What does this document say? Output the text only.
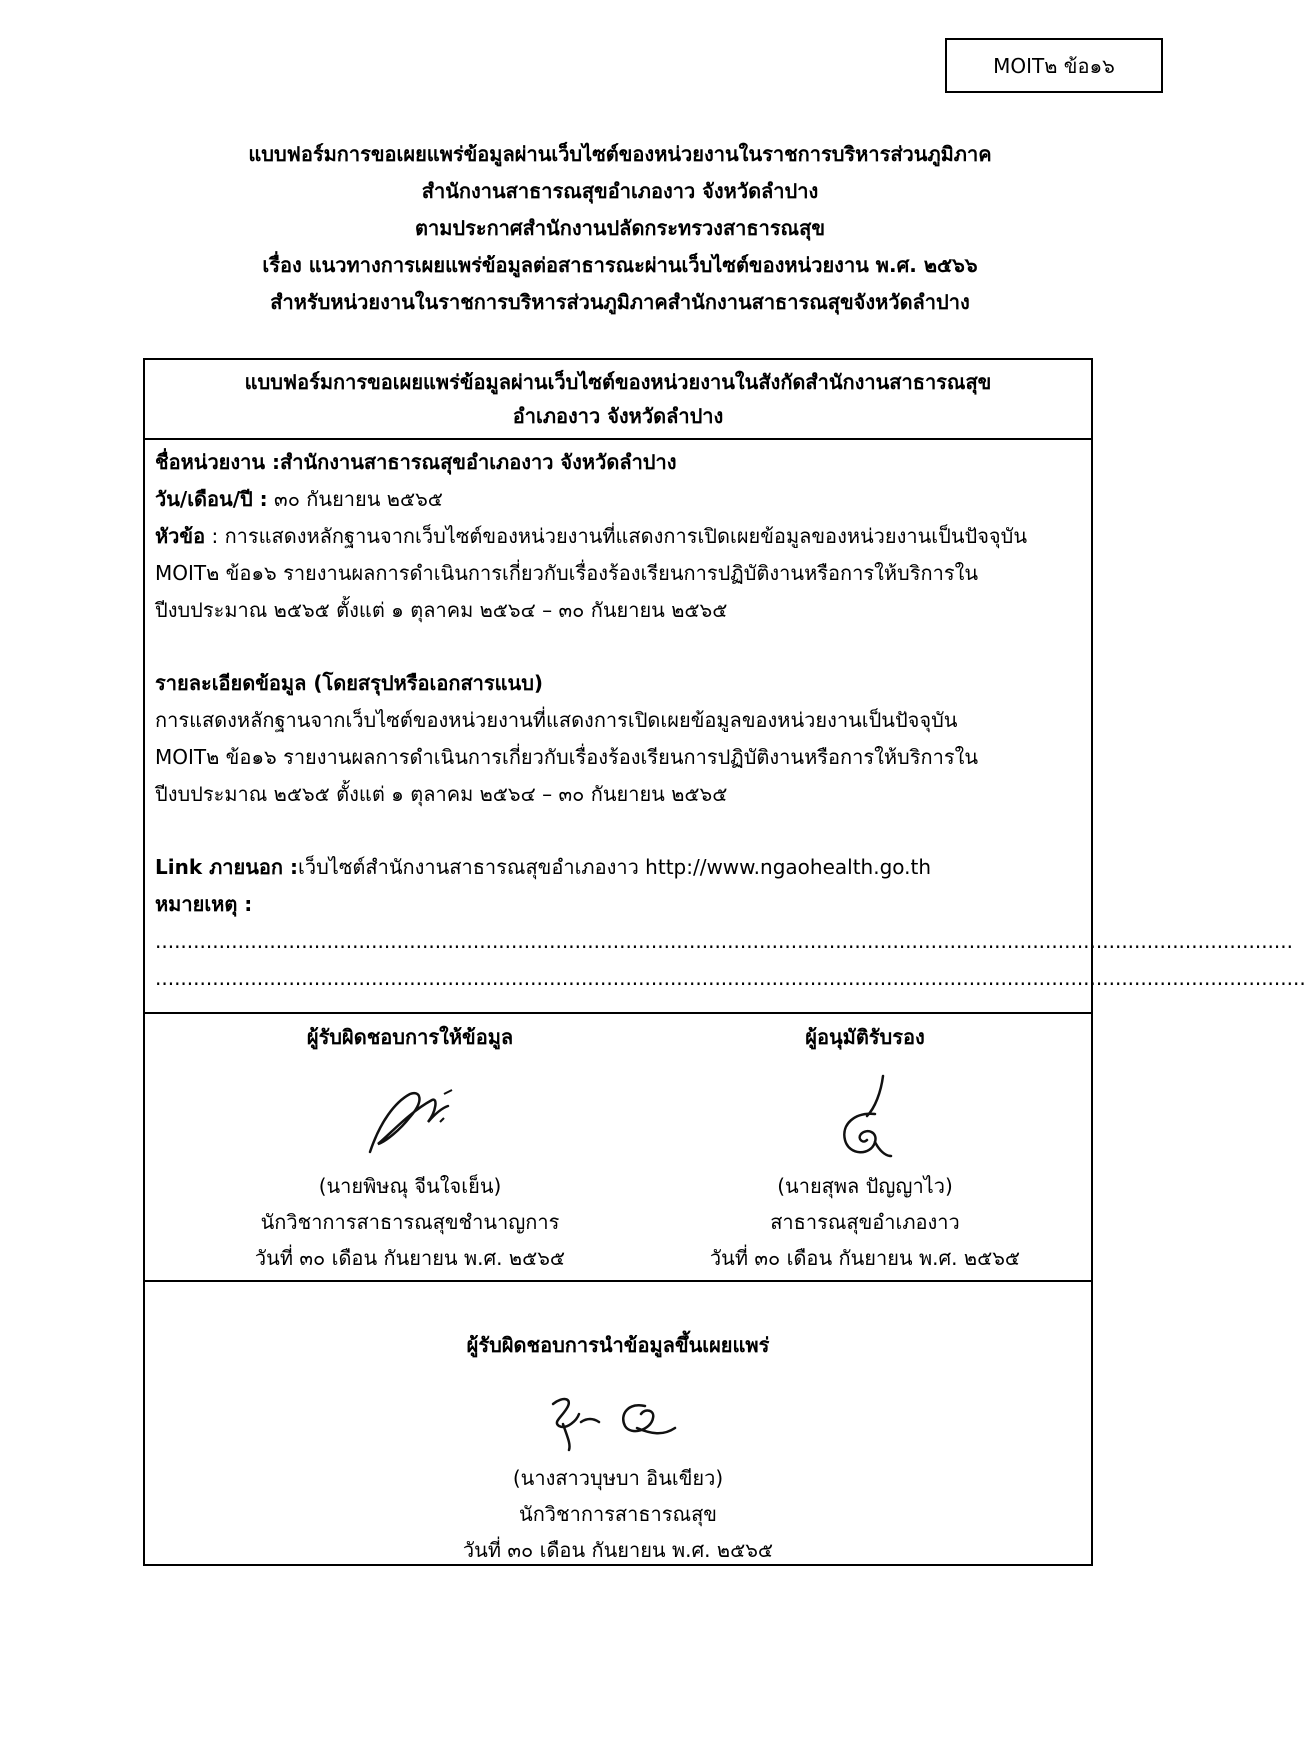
MOIT๒ ข้อ๑๖
แบบฟอร์มการขอเผยแพร่ข้อมูลผ่านเว็บไซต์ของหน่วยงานในราชการบริหารส่วนภูมิภาค
สำนักงานสาธารณสุขอำเภองาว จังหวัดลำปาง
ตามประกาศสำนักงานปลัดกระทรวงสาธารณสุข
เรื่อง แนวทางการเผยแพร่ข้อมูลต่อสาธารณะผ่านเว็บไซต์ของหน่วยงาน พ.ศ. ๒๕๖๖
สำหรับหน่วยงานในราชการบริหารส่วนภูมิภาคสำนักงานสาธารณสุขจังหวัดลำปาง
แบบฟอร์มการขอเผยแพร่ข้อมูลผ่านเว็บไซต์ของหน่วยงานในสังกัดสำนักงานสาธารณสุข
อำเภองาว จังหวัดลำปาง

ชื่อหน่วยงาน :สำนักงานสาธารณสุขอำเภองาว จังหวัดลำปาง

วัน/เดือน/ปี : ๓๐ กันยายน ๒๕๖๕

หัวข้อ : การแสดงหลักฐานจากเว็บไซต์ของหน่วยงานที่แสดงการเปิดเผยข้อมูลของหน่วยงานเป็นปัจจุบัน

MOIT๒ ข้อ๑๖ รายงานผลการดำเนินการเกี่ยวกับเรื่องร้องเรียนการปฏิบัติงานหรือการให้บริการใน

ปีงบประมาณ ๒๕๖๕ ตั้งแต่ ๑ ตุลาคม ๒๕๖๔ – ๓๐ กันยายน ๒๕๖๕

รายละเอียดข้อมูล (โดยสรุปหรือเอกสารแนบ)

การแสดงหลักฐานจากเว็บไซต์ของหน่วยงานที่แสดงการเปิดเผยข้อมูลของหน่วยงานเป็นปัจจุบัน

MOIT๒ ข้อ๑๖ รายงานผลการดำเนินการเกี่ยวกับเรื่องร้องเรียนการปฏิบัติงานหรือการให้บริการใน

ปีงบประมาณ ๒๕๖๕ ตั้งแต่ ๑ ตุลาคม ๒๕๖๔ – ๓๐ กันยายน ๒๕๖๕

Link ภายนอก :เว็บไซต์สำนักงานสาธารณสุขอำเภองาว http://www.ngaohealth.go.th

หมายเหตุ :

...................................................................................................................................................................................

.....................................................................................................................................................................................

ผู้รับผิดชอบการให้ข้อมูล
(นายพิษณุ จีนใจเย็น)
นักวิชาการสาธารณสุขชำนาญการ
วันที่ ๓๐ เดือน กันยายน พ.ศ. ๒๕๖๕
ผู้อนุมัติรับรอง
(นายสุพล ปัญญาไว)
สาธารณสุขอำเภองาว
วันที่ ๓๐ เดือน กันยายน พ.ศ. ๒๕๖๕
ผู้รับผิดชอบการนำข้อมูลขึ้นเผยแพร่
(นางสาวบุษบา อินเขียว)
นักวิชาการสาธารณสุข
วันที่ ๓๐ เดือน กันยายน พ.ศ. ๒๕๖๕
